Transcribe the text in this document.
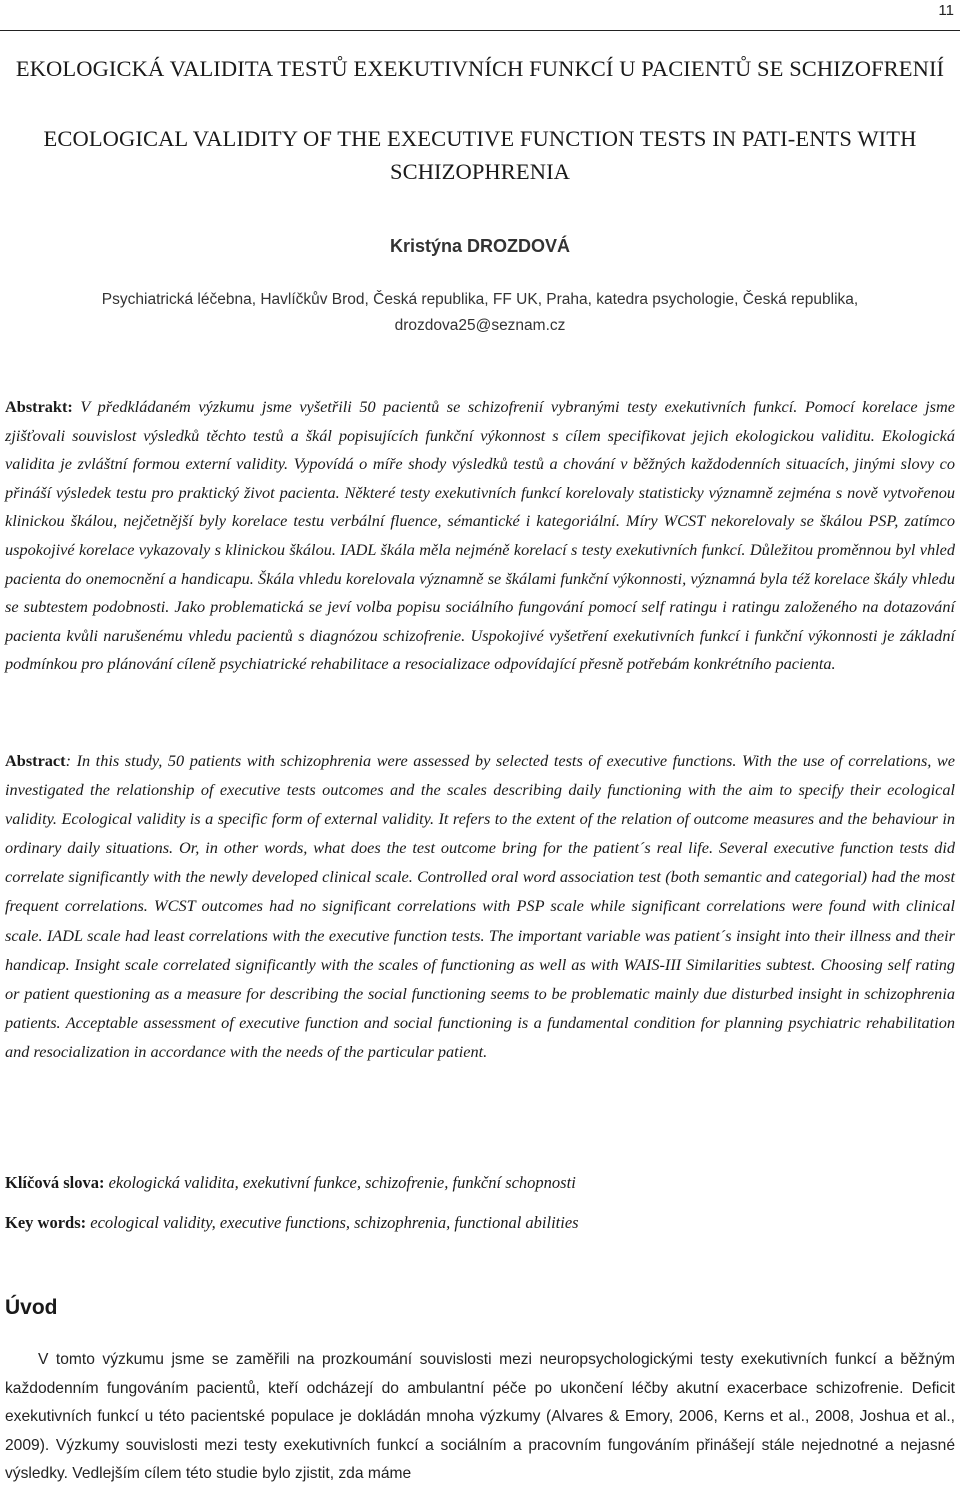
11
EKOLOGICKÁ VALIDITA TESTŮ EXEKUTIVNÍCH FUNKCÍ U PACIENTŮ SE SCHIZOFRENIÍ
ECOLOGICAL VALIDITY OF THE EXECUTIVE FUNCTION TESTS IN PATI-ENTS WITH SCHIZOPHRENIA
Kristýna DROZDOVÁ
Psychiatrická léčebna, Havlíčkův Brod, Česká republika, FF UK, Praha, katedra psychologie, Česká republika,
drozdova25@seznam.cz

Abstrakt: V předkládaném výzkumu jsme vyšetřili 50 pacientů se schizofrenií vybranými testy exekutivních funkcí. Pomocí korelace jsme zjišťovali souvislost výsledků těchto testů a škál popisujících funkční výkonnost s cílem specifikovat jejich ekologickou validitu. Ekologická validita je zvláštní formou externí validity. Vypovídá o míře shody výsledků testů a chování v běžných každodenních situacích, jinými slovy co přináší výsledek testu pro praktický život pacienta. Některé testy exekutivních funkcí korelovaly statisticky významně zejména s nově vytvořenou klinickou škálou, nejčetnější byly korelace testu verbální fluence, sémantické i kategoriální. Míry WCST nekorelovaly se škálou PSP, zatímco uspokojivé korelace vykazovaly s klinickou škálou. IADL škála měla nejméně korelací s testy exekutivních funkcí. Důležitou proměnnou byl vhled pacienta do onemocnění a handicapu. Škála vhledu korelovala významně se škálami funkční výkonnosti, významná byla též korelace škály vhledu se subtestem podobnosti. Jako problematická se jeví volba popisu sociálního fungování pomocí self ratingu i ratingu založeného na dotazování pacienta kvůli narušenému vhledu pacientů s diagnózou schizofrenie. Uspokojivé vyšetření exekutivních funkcí i funkční výkonnosti je základní podmínkou pro plánování cíleně psychiatrické rehabilitace a resocializace odpovídající přesně potřebám konkrétního pacienta.

Abstract: In this study, 50 patients with schizophrenia were assessed by selected tests of executive functions. With the use of correlations, we investigated the relationship of executive tests outcomes and the scales describing daily functioning with the aim to specify their ecological validity. Ecological validity is a specific form of external validity. It refers to the extent of the relation of outcome measures and the behaviour in ordinary daily situations. Or, in other words, what does the test outcome bring for the patient´s real life. Several executive function tests did correlate significantly with the newly developed clinical scale. Controlled oral word association test (both semantic and categorial) had the most frequent correlations. WCST outcomes had no significant correlations with PSP scale while significant correlations were found with clinical scale. IADL scale had least correlations with the executive function tests. The important variable was patient´s insight into their illness and their handicap. Insight scale correlated significantly with the scales of functioning as well as with WAIS-III Similarities subtest. Choosing self rating or patient questioning as a measure for describing the social functioning seems to be problematic mainly due disturbed insight in schizophrenia patients. Acceptable assessment of executive function and social functioning is a fundamental condition for planning psychiatric rehabilitation and resocialization in accordance with the needs of the particular patient.

Klíčová slova: ekologická validita, exekutivní funkce, schizofrenie, funkční schopnosti

Key words: ecological validity, executive functions, schizophrenia, functional abilities

Úvod

V tomto výzkumu jsme se zaměřili na prozkoumání souvislosti mezi neuropsychologickými testy exekutivních funkcí a běžným každodenním fungováním pacientů, kteří odcházejí do ambulantní péče po ukončení léčby akutní exacerbace schizofrenie. Deficit exekutivních funkcí u této pacientské populace je dokládán mnoha výzkumy (Alvares & Emory, 2006, Kerns et al., 2008, Joshua et al., 2009). Výzkumy souvislosti mezi testy exekutivních funkcí a sociálním a pracovním fungováním přinášejí stále nejednotné a nejasné výsledky. Vedlejším cílem této studie bylo zjistit, zda máme
